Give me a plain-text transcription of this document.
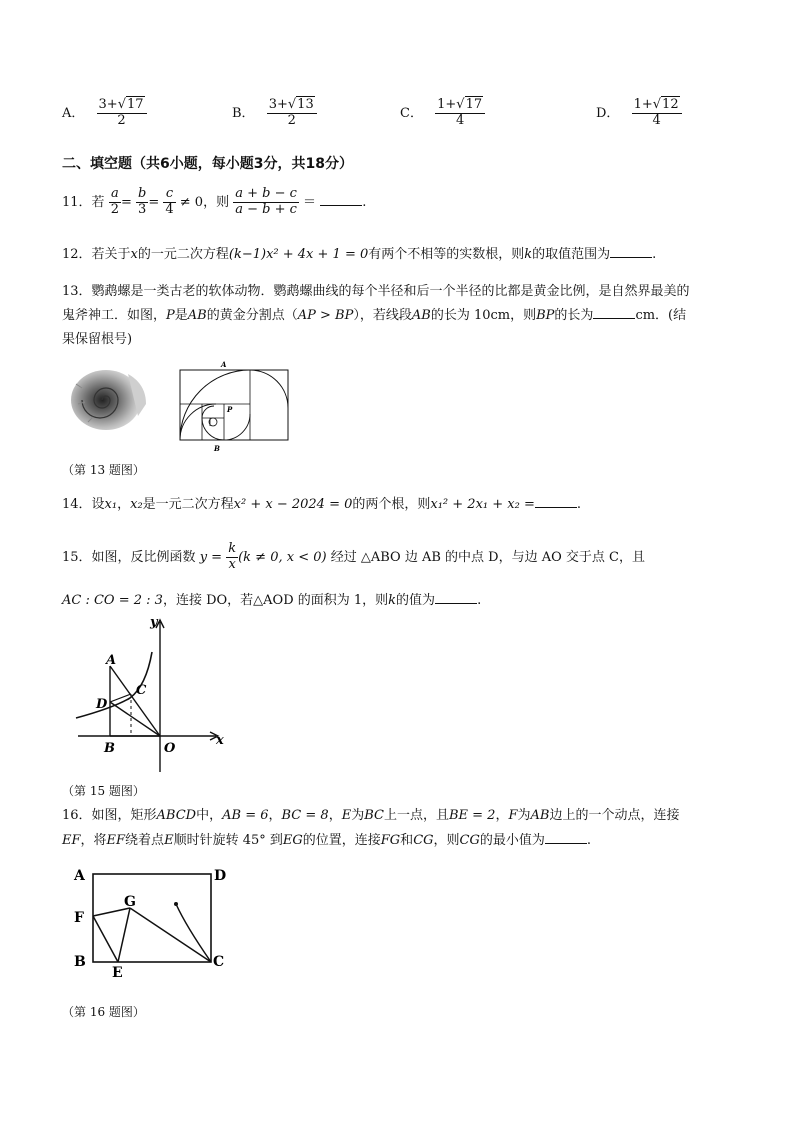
A． $\frac{3+√17}{2}$	B． $\frac{3+√13}{2}$	C． $\frac{1+√17}{4}$	D． $\frac{1+√12}{4}$
二、填空题（共6小题，每小题3分，共18分）
11．若 $\frac{a}{2} = \frac{b}{3} = \frac{c}{4} \ne 0$，则 $\frac{a + b - c}{a - b + c}$ ＝	.
12．若关于x的一元二次方程(k−1)x² + 4x + 1 = 0有两个不相等的实数根，则k的取值范围为	.
13．鹦鹉螺是一类古老的软体动物．鹦鹉螺曲线的每个半径和后一个半径的比都是黄金比例，是自然界最美的
鬼斧神工．如图，P是AB的黄金分割点（AP > BP），若线段AB的长为 10cm，则BP的长为	cm．(结
果保留根号)
A
P
B
（第 13 题图）
14．设x₁，x₂是一元二次方程x² + x − 2024 = 0的两个根，则x₁² + 2x₁ + x₂ =	.
15．如图，反比例函数 $y = \frac{k}{x} (k \ne 0$, x < 0) 经过 △ABO 边 AB 的中点 D，与边 AO 交于点 C，且
AC : CO = 2 : 3，连接 DO，若△AOD 的面积为 1，则k的值为	.
y
A
D
C
B	O
x
（第 15 题图）
16．如图，矩形ABCD中，AB = 6，BC = 8，E为BC上一点，且BE = 2，F为AB边上的一个动点，连接
EF，将EF绕着点E顺时针旋转 45° 到EG的位置，连接FG和CG，则CG的最小值为	.
A	D
F
G
B
E
C
（第 16 题图）
